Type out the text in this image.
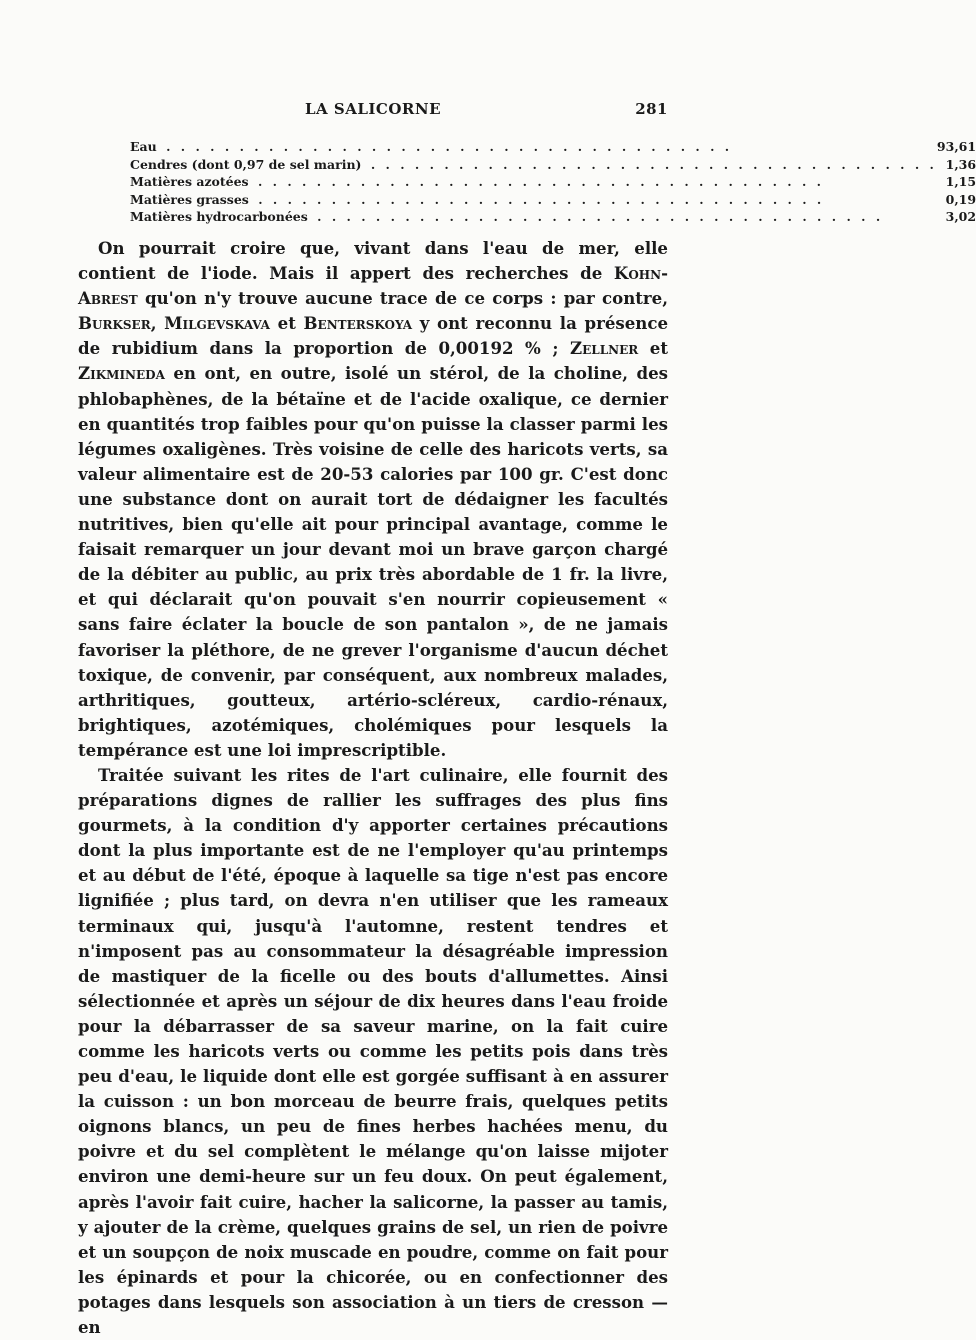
LA SALICORNE	281
Eau . . . . . . . . . . . . . . . . . . . . . . . . . . . . . . . . . . . . . . .	93,61
Cendres (dont 0,97 de sel marin) . . . . . . . . . . . . . . . . . . . . . . . . . . . . . . . . . . . . . . .	1,36
Matières azotées . . . . . . . . . . . . . . . . . . . . . . . . . . . . . . . . . . . . . . .	1,15
Matières grasses . . . . . . . . . . . . . . . . . . . . . . . . . . . . . . . . . . . . . . .	0,19
Matières hydrocarbonées . . . . . . . . . . . . . . . . . . . . . . . . . . . . . . . . . . . . . . .	3,02

On pourrait croire que, vivant dans l'eau de mer, elle contient de l'iode. Mais il appert des recherches de Kohn-Abrest qu'on n'y trouve aucune trace de ce corps : par contre, Burkser, Milgevskava et Benterskoya y ont reconnu la présence de rubidium dans la proportion de 0,00192 % ; Zellner et Zikmineda en ont, en outre, isolé un stérol, de la choline, des phlobaphènes, de la bétaïne et de l'acide oxalique, ce dernier en quantités trop faibles pour qu'on puisse la classer parmi les légumes oxaligènes. Très voisine de celle des haricots verts, sa valeur alimentaire est de 20-53 calories par 100 gr. C'est donc une substance dont on aurait tort de dédaigner les facultés nutritives, bien qu'elle ait pour principal avantage, comme le faisait remarquer un jour devant moi un brave garçon chargé de la débiter au public, au prix très abordable de 1 fr. la livre, et qui déclarait qu'on pouvait s'en nourrir copieusement « sans faire éclater la boucle de son pantalon », de ne jamais favoriser la pléthore, de ne grever l'organisme d'aucun déchet toxique, de convenir, par conséquent, aux nombreux malades, arthritiques, goutteux, artério-scléreux, cardio-rénaux, brightiques, azotémiques, cholémiques pour lesquels la tempérance est une loi imprescriptible.

Traitée suivant les rites de l'art culinaire, elle fournit des préparations dignes de rallier les suffrages des plus fins gourmets, à la condition d'y apporter certaines précautions dont la plus importante est de ne l'employer qu'au printemps et au début de l'été, époque à laquelle sa tige n'est pas encore lignifiée ; plus tard, on devra n'en utiliser que les rameaux terminaux qui, jusqu'à l'automne, restent tendres et n'imposent pas au consommateur la désagréable impression de mastiquer de la ficelle ou des bouts d'allumettes. Ainsi sélectionnée et après un séjour de dix heures dans l'eau froide pour la débarrasser de sa saveur marine, on la fait cuire comme les haricots verts ou comme les petits pois dans très peu d'eau, le liquide dont elle est gorgée suffisant à en assurer la cuisson : un bon morceau de beurre frais, quelques petits oignons blancs, un peu de fines herbes hachées menu, du poivre et du sel complètent le mélange qu'on laisse mijoter environ une demi-heure sur un feu doux. On peut également, après l'avoir fait cuire, hacher la salicorne, la passer au tamis, y ajouter de la crème, quelques grains de sel, un rien de poivre et un soupçon de noix muscade en poudre, comme on fait pour les épinards et pour la chicorée, ou en confectionner des potages dans lesquels son association à un tiers de cresson — en
